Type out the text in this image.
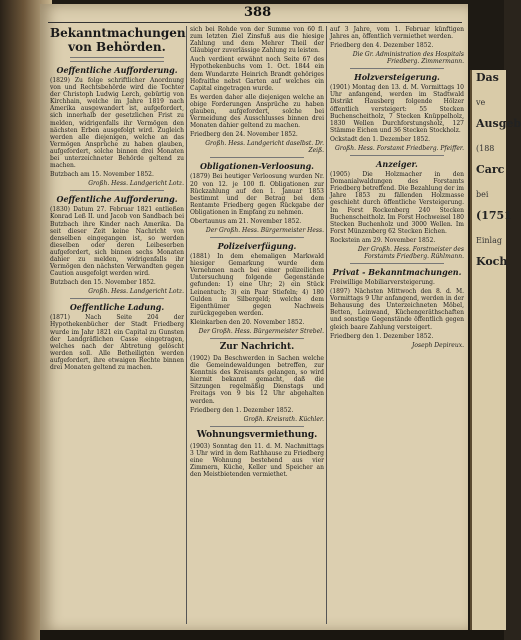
Das
ve
Ausgeb
(188
Carc
bei
(1751
Einlag
Koch
388
Bekanntmachungen von Behörden.
Oeffentliche Aufforderung.

(1829) Zu folge schriftlicher Anordnung von und Rechtsbehörde wird die Tochter der Christoph Ludwig Lerch, gebürtig von Kirchhain, welche im Jahre 1819 nach Amerika ausgewandert ist, aufgefordert, sich innerhalb der gesetzlichen Frist zu melden, widrigenfalls ihr Vermögen den nächsten Erben ausgefolgt wird. Zugleich werden alle diejenigen, welche an das Vermögen Ansprüche zu haben glauben, aufgefordert, solche binnen drei Monaten bei unterzeichneter Behörde geltend zu machen.

Butzbach am 15. November 1852.

Großh. Hess. Landgericht Lotz.

Oeffentliche Aufforderung.

(1830) Datum 27. Februar 1821 entließen Konrad Leß II. und Jacob von Sandbach bei Butzbach ihre Kinder nach Amerika. Da seit dieser Zeit keine Nachricht von denselben eingegangen ist, so werden dieselben oder deren Leibeserben aufgefordert, sich binnen sechs Monaten dahier zu melden, widrigenfalls ihr Vermögen den nächsten Verwandten gegen Caution ausgefolgt werden wird.

Butzbach den 15. November 1852.

Großh. Hess. Landgericht Lotz.

Oeffentliche Ladung.

(1871) Nach Seite 204 der Hypothekenbücher der Stadt Friedberg wurde im Jahr 1821 ein Capital zu Gunsten der Landgräflichen Casse eingetragen, welches nach der Abtretung gelöscht werden soll. Alle Betheiligten werden aufgefordert, ihre etwaigen Rechte binnen drei Monaten geltend zu machen.

sich bei Rohde von der Summe von 60 fl. zum letzten Ziel Zinsfuß aus die hiesige Zahlung und dem Mehrer Theil der Gläubiger zuverlässige Zahlung zu leisten.

Auch verdient erwähnt noch Seite 67 des Hypothekenbuchs vom 1. Oct. 1844 ein dem Wundarzte Heinrich Brandt gehöriges Hofraithe nebst Garten auf welches ein Capital eingetragen wurde.

Es werden daher alle diejenigen welche an obige Forderungen Ansprüche zu haben glauben, aufgefordert, solche bei Vermeidung des Ausschlusses binnen drei Monaten dahier geltend zu machen.

Friedberg den 24. November 1852.

Großh. Hess. Landgericht daselbst. Dr. Zeiß.

Obligationen-Verloosung.

(1879) Bei heutiger Verloosung wurden Nr. 20 von 12. je 100 fl. Obligationen zur Rückzahlung auf den 1. Januar 1853 bestimmt und der Betrag bei dem Rentamte Friedberg gegen Rückgabe der Obligationen in Empfang zu nehmen.

Obertaunus am 21. November 1852.

Der Großh. Hess. Bürgermeister Hess.

Polizeiverfügung.

(1881) In dem ehemaligen Markwald hiesiger Gemarkung wurde dem Vernehmen nach bei einer polizeilichen Untersuchung folgende Gegenstände gefunden: 1) eine Uhr; 2) ein Stück Leinentuch; 3) ein Paar Stiefeln; 4) 180 Gulden in Silbergeld; welche dem Eigenthümer gegen Nachweis zurückgegeben werden.

Kleinkarben den 20. November 1852.

Der Großh. Hess. Bürgermeister Strebel.

Zur Nachricht.

(1902) Da Beschwerden in Sachen welche die Gemeindewaldungen betreffen, zur Kenntnis des Kreisamts gelangen, so wird hiermit bekannt gemacht, daß die Sitzungen regelmäßig Dienstags und Freitags von 9 bis 12 Uhr abgehalten werden.

Friedberg den 1. Dezember 1852.

Großh. Kreisrath. Küchler.

Wohnungsvermiethung.

(1903) Sonntag den 11. d. M. Nachmittags 3 Uhr wird in dem Rathhause zu Friedberg eine Wohnung bestehend aus vier Zimmern, Küche, Keller und Speicher an den Meistbietenden vermiethet.

auf 3 Jahre, vom 1. Februar künftigen Jahres an, öffentlich vermiethet werden.

Friedberg den 4. Dezember 1852.

Die Gr. Administration des Hospitals Friedberg. Zimmermann.

Holzversteigerung.

(1901) Montag den 13. d. M. Vormittags 10 Uhr anfangend, werden im Stadtwald Distrikt Hausberg folgende Hölzer öffentlich versteigert: 55 Stecken Buchenscheitholz, 7 Stecken Knüppelholz, 1830 Wellen Durchforstungsholz, 127 Stämme Eichen und 36 Stecken Stockholz.

Ockstadt den 1. Dezember 1852.

Großh. Hess. Forstamt Friedberg. Pfeiffer.

Anzeiger.

(1905) Die Holzmacher in den Domanialwaldungen des Forstamts Friedberg betreffend. Die Bezahlung der im Jahre 1853 zu fällenden Holzmasse geschieht durch öffentliche Versteigerung. Im Forst Rockenberg 240 Stecken Buchenscheitholz. Im Forst Hochweisel 180 Stecken Buchenholz und 3000 Wellen. Im Forst Münzenberg 62 Stecken Eichen.

Rockstein am 29. November 1852.

Der Großh. Hess. Forstmeister des Forstamts Friedberg. Rühlmann.

Privat - Bekanntmachungen.

Freiwillige Mobiliarversteigerung.

(1897) Nächsten Mittwoch den 8. d. M. Vormittags 9 Uhr anfangend, werden in der Behausung des Unterzeichneten Möbel, Betten, Leinwand, Küchengeräthschaften und sonstige Gegenstände öffentlich gegen gleich baare Zahlung versteigert.

Friedberg den 1. Dezember 1852.

Joseph Depireux.
